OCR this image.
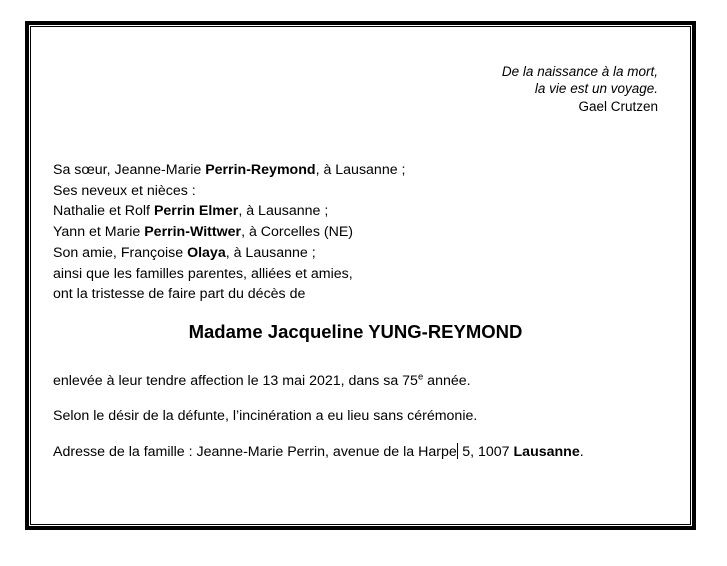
De la naissance à la mort,
la vie est un voyage.
Gael Crutzen
Sa sœur, Jeanne-Marie Perrin-Reymond, à Lausanne ;
Ses neveux et nièces :
Nathalie et Rolf Perrin Elmer, à Lausanne ;
Yann et Marie Perrin-Wittwer, à Corcelles (NE)
Son amie, Françoise Olaya, à Lausanne ;
ainsi que les familles parentes, alliées et amies,
ont la tristesse de faire part du décès de
Madame Jacqueline YUNG-REYMOND
enlevée à leur tendre affection le 13 mai 2021, dans sa 75e année.
Selon le désir de la défunte, l’incinération a eu lieu sans cérémonie.
Adresse de la famille : Jeanne-Marie Perrin, avenue de la Harpe 5, 1007 Lausanne.
